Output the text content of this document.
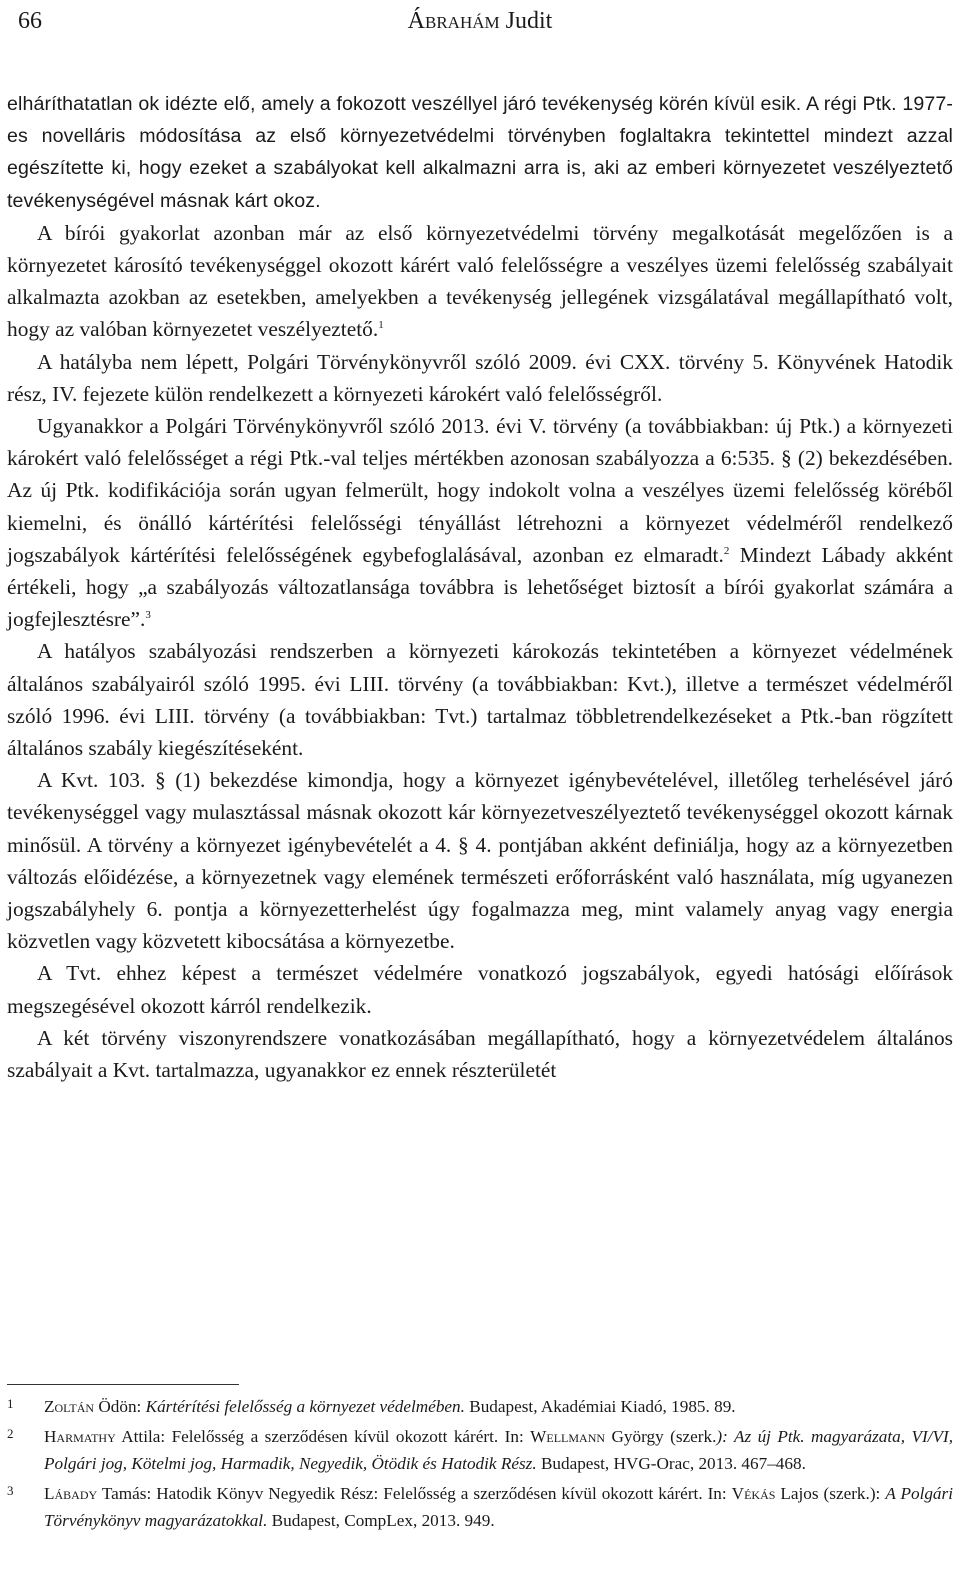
66	Ábrahám Judit

elháríthatatlan ok idézte elő, amely a fokozott veszéllyel járó tevékenység körén kívül esik. A régi Ptk. 1977-es novelláris módosítása az első környezetvédelmi törvényben foglaltakra tekintettel mindezt azzal egészítette ki, hogy ezeket a szabályokat kell alkalmazni arra is, aki az emberi környezetet veszélyeztető tevékenységével másnak kárt okoz.

A bírói gyakorlat azonban már az első környezetvédelmi törvény megalkotását megelőzően is a környezetet károsító tevékenységgel okozott kárért való felelősségre a veszélyes üzemi felelősség szabályait alkalmazta azokban az esetekben, amelyekben a tevékenység jellegének vizsgálatával megállapítható volt, hogy az valóban környezetet veszélyeztető.$^1$

A hatályba nem lépett, Polgári Törvénykönyvről szóló 2009. évi CXX. törvény 5. Könyvének Hatodik rész, IV. fejezete külön rendelkezett a környezeti károkért való felelősségről.

Ugyanakkor a Polgári Törvénykönyvről szóló 2013. évi V. törvény (a továbbiakban: új Ptk.) a környezeti károkért való felelősséget a régi Ptk.-val teljes mértékben azonosan szabályozza a 6:535. § (2) bekezdésében. Az új Ptk. kodifikációja során ugyan felmerült, hogy indokolt volna a veszélyes üzemi felelősség köréből kiemelni, és önálló kártérítési felelősségi tényállást létrehozni a környezet védelméről rendelkező jogszabályok kártérítési felelősségének egybefoglalásával, azonban ez elmaradt.$^2$ Mindezt Lábady akként értékeli, hogy „a szabályozás változatlansága továbbra is lehetőséget biztosít a bírói gyakorlat számára a jogfejlesztésre”.$^3$

A hatályos szabályozási rendszerben a környezeti károkozás tekintetében a környezet védelmének általános szabályairól szóló 1995. évi LIII. törvény (a továbbiakban: Kvt.), illetve a természet védelméről szóló 1996. évi LIII. törvény (a továbbiakban: Tvt.) tartalmaz többletrendelkezéseket a Ptk.-ban rögzített általános szabály kiegészítéseként.

A Kvt. 103. § (1) bekezdése kimondja, hogy a környezet igénybevételével, illetőleg terhelésével járó tevékenységgel vagy mulasztással másnak okozott kár környezetveszélyeztető tevékenységgel okozott kárnak minősül. A törvény a környezet igénybevételét a 4. § 4. pontjában akként definiálja, hogy az a környezetben változás előidézése, a környezetnek vagy elemének természeti erőforrásként való használata, míg ugyanezen jogszabályhely 6. pontja a környezetterhelést úgy fogalmazza meg, mint valamely anyag vagy energia közvetlen vagy közvetett kibocsátása a környezetbe.

A Tvt. ehhez képest a természet védelmére vonatkozó jogszabályok, egyedi hatósági előírások megszegésével okozott kárról rendelkezik.

A két törvény viszonyrendszere vonatkozásában megállapítható, hogy a környezetvédelem általános szabályait a Kvt. tartalmazza, ugyanakkor ez ennek részterületét

1 Zoltán Ödön: Kártérítési felelősség a környezet védelmében. Budapest, Akadémiai Kiadó, 1985. 89.
2 Harmathy Attila: Felelősség a szerződésen kívül okozott kárért. In: Wellmann György (szerk.): Az új Ptk. magyarázata, VI/VI, Polgári jog, Kötelmi jog, Harmadik, Negyedik, Ötödik és Hatodik Rész. Budapest, HVG-Orac, 2013. 467–468.
3 Lábady Tamás: Hatodik Könyv Negyedik Rész: Felelősség a szerződésen kívül okozott kárért. In: Vékás Lajos (szerk.): A Polgári Törvénykönyv magyarázatokkal. Budapest, CompLex, 2013. 949.
